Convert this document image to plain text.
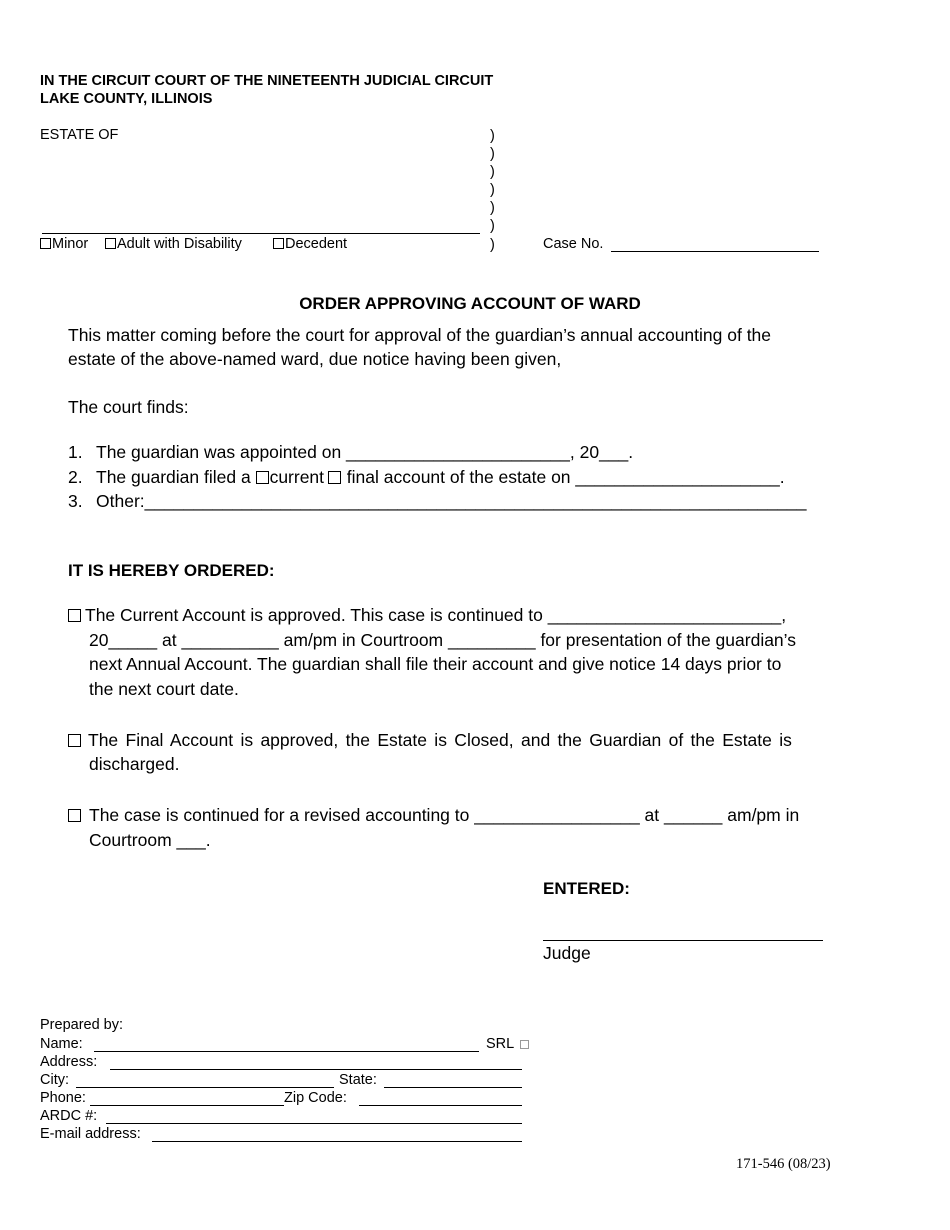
IN THE CIRCUIT COURT OF THE NINETEENTH JUDICIAL CIRCUIT
LAKE COUNTY, ILLINOIS
ESTATE OF	)
)
)
)
)
)
)
Minor	Adult with Disability	Decedent	Case No.
ORDER APPROVING ACCOUNT OF WARD
This matter coming before the court for approval of the guardian’s annual accounting of the
estate of the above-named ward, due notice having been given,
The court finds:
1. The guardian was appointed on _______________________, 20___.
2. The guardian filed a current  final account of the estate on _____________________.
3. Other:____________________________________________________________________
IT IS HEREBY ORDERED:
The Current Account is approved. This case is continued to ________________________,
20_____ at __________ am/pm in Courtroom _________ for presentation of the guardian’s
next Annual Account. The guardian shall file their account and give notice 14 days prior to
the next court date.
The Final Account is approved, the Estate is Closed, and the Guardian of the Estate is
discharged.
The case is continued for a revised accounting to _________________ at ______ am/pm in
Courtroom ___.
ENTERED:
Judge
Prepared by:
Name:	SRL
Address:
City:	State:
Phone:	Zip Code:
ARDC #:
E-mail address:
171-546 (08/23)
